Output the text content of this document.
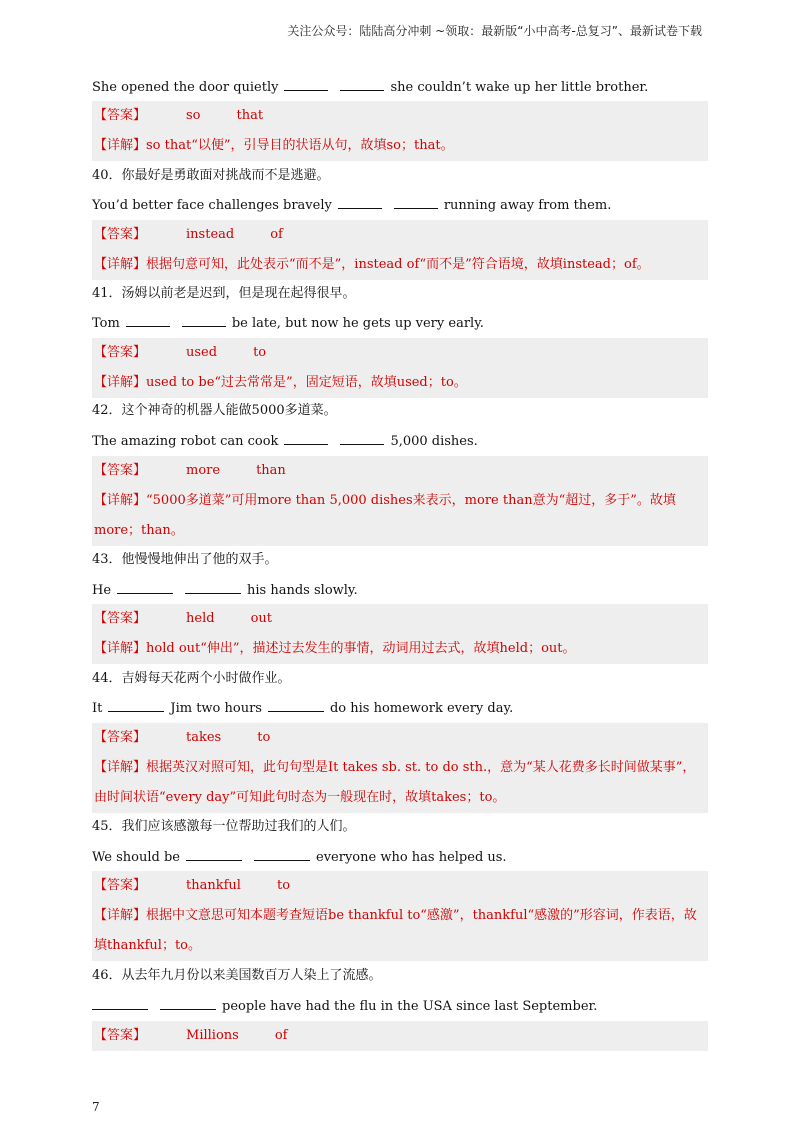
关注公众号：陆陆高分冲刺 ~领取：最新版“小中高考-总复习”、最新试卷下载
She opened the door quietly	she couldn’t wake up her little brother.
【答案】	so	that
【详解】so that“以便”，引导目的状语从句，故填so；that。
40．你最好是勇敢面对挑战而不是逃避。
You’d better face challenges bravely	running away from them.
【答案】	instead	of
【详解】根据句意可知，此处表示“而不是”，instead of“而不是”符合语境，故填instead；of。
41．汤姆以前老是迟到，但是现在起得很早。
Tom	be late, but now he gets up very early.
【答案】	used	to
【详解】used to be“过去常常是”，固定短语，故填used；to。
42．这个神奇的机器人能做5000多道菜。
The amazing robot can cook	5,000 dishes.
【答案】	more	than
【详解】“5000多道菜”可用more than 5,000 dishes来表示，more than意为“超过，多于”。故填more；than。
43．他慢慢地伸出了他的双手。
He	his hands slowly.
【答案】	held	out
【详解】hold out“伸出”，描述过去发生的事情，动词用过去式，故填held；out。
44．吉姆每天花两个小时做作业。
It	Jim two hours	do his homework every day.
【答案】	takes	to
【详解】根据英汉对照可知，此句句型是It takes sb. st. to do sth.，意为“某人花费多长时间做某事”，由时间状语“every day”可知此句时态为一般现在时，故填takes；to。
45．我们应该感激每一位帮助过我们的人们。
We should be	everyone who has helped us.
【答案】	thankful	to
【详解】根据中文意思可知本题考查短语be thankful to“感激”，thankful“感激的”形容词，作表语，故填thankful；to。
46．从去年九月份以来美国数百万人染上了流感。
people have had the flu in the USA since last September.
【答案】	Millions	of
7
